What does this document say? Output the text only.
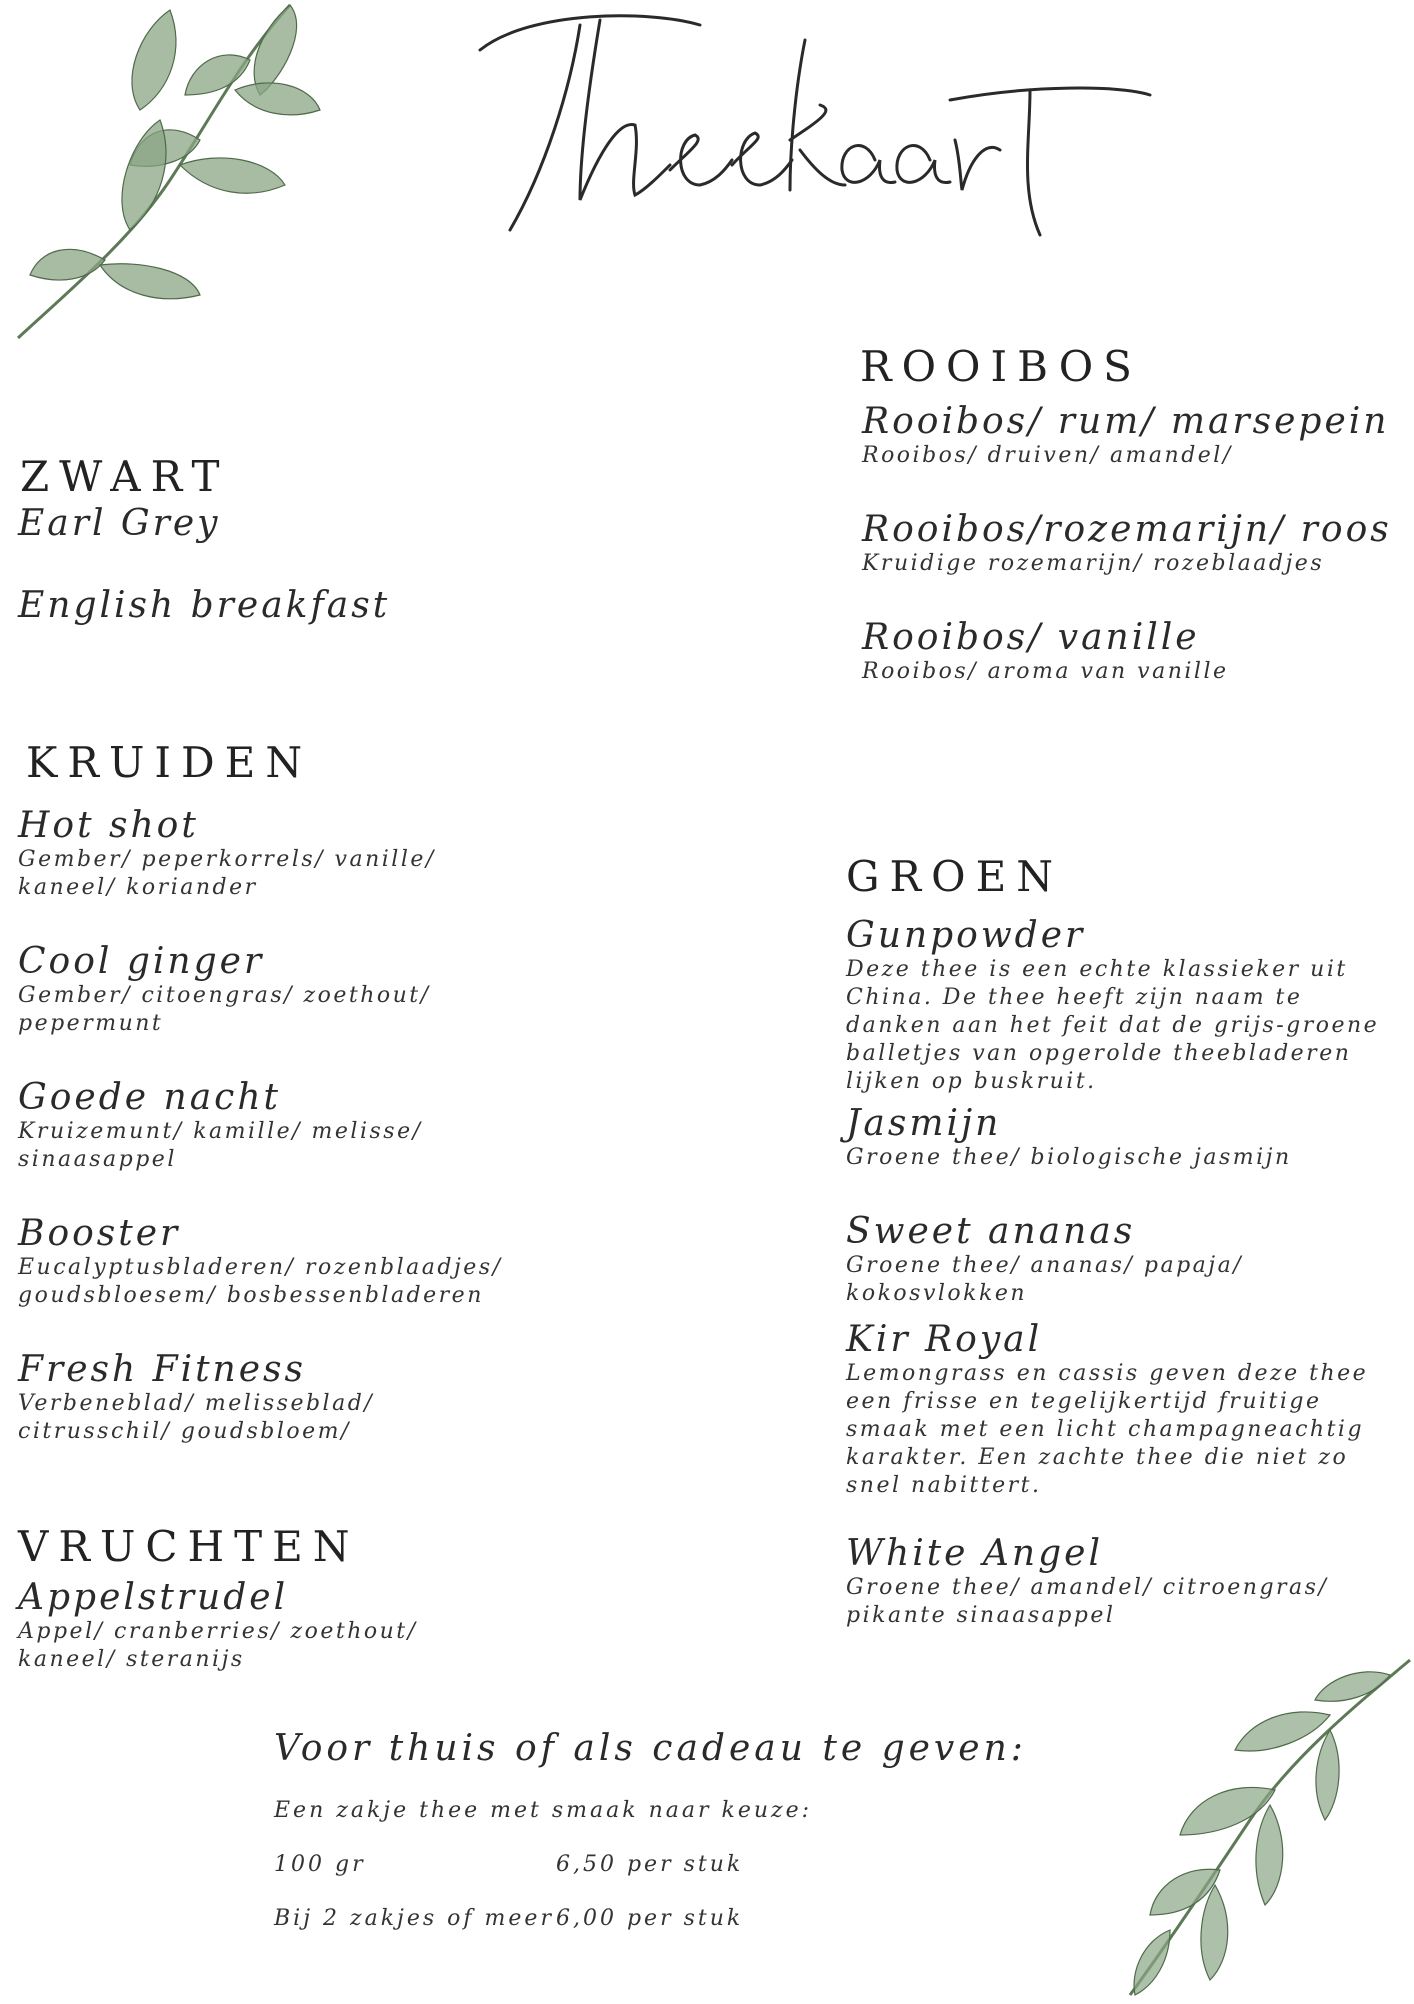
ZWART
Earl Grey
English breakfast
ROOIBOS
Rooibos/ rum/ marsepein
Rooibos/ druiven/ amandel/
Rooibos/rozemarijn/ roos
Kruidige rozemarijn/ rozeblaadjes
Rooibos/ vanille
Rooibos/ aroma van vanille
KRUIDEN
Hot shot
Gember/ peperkorrels/ vanille/ kaneel/ koriander
Cool ginger
Gember/ citoengras/ zoethout/ pepermunt
Goede nacht
Kruizemunt/ kamille/ melisse/ sinaasappel
Booster
Eucalyptusbladeren/ rozenblaadjes/ goudsbloesem/ bosbessenbladeren
Fresh Fitness
Verbeneblad/ melisseblad/ citrusschil/ goudsbloem/
VRUCHTEN
Appelstrudel
Appel/ cranberries/ zoethout/ kaneel/ steranijs
GROEN
Gunpowder
Deze thee is een echte klassieker uit China. De thee heeft zijn naam te danken aan het feit dat de grijs-groene balletjes van opgerolde theebladeren lijken op buskruit.
Jasmijn
Groene thee/ biologische jasmijn
Sweet ananas
Groene thee/ ananas/ papaja/ kokosvlokken
Kir Royal
Lemongrass en cassis geven deze thee een frisse en tegelijkertijd fruitige smaak met een licht champagneachtig karakter. Een zachte thee die niet zo snel nabittert.
White Angel
Groene thee/ amandel/ citroengras/ pikante sinaasappel
Voor thuis of als cadeau te geven:
Een zakje thee met smaak naar keuze:
100 gr	6,50 per stuk
Bij 2 zakjes of meer 6,00 per stuk
